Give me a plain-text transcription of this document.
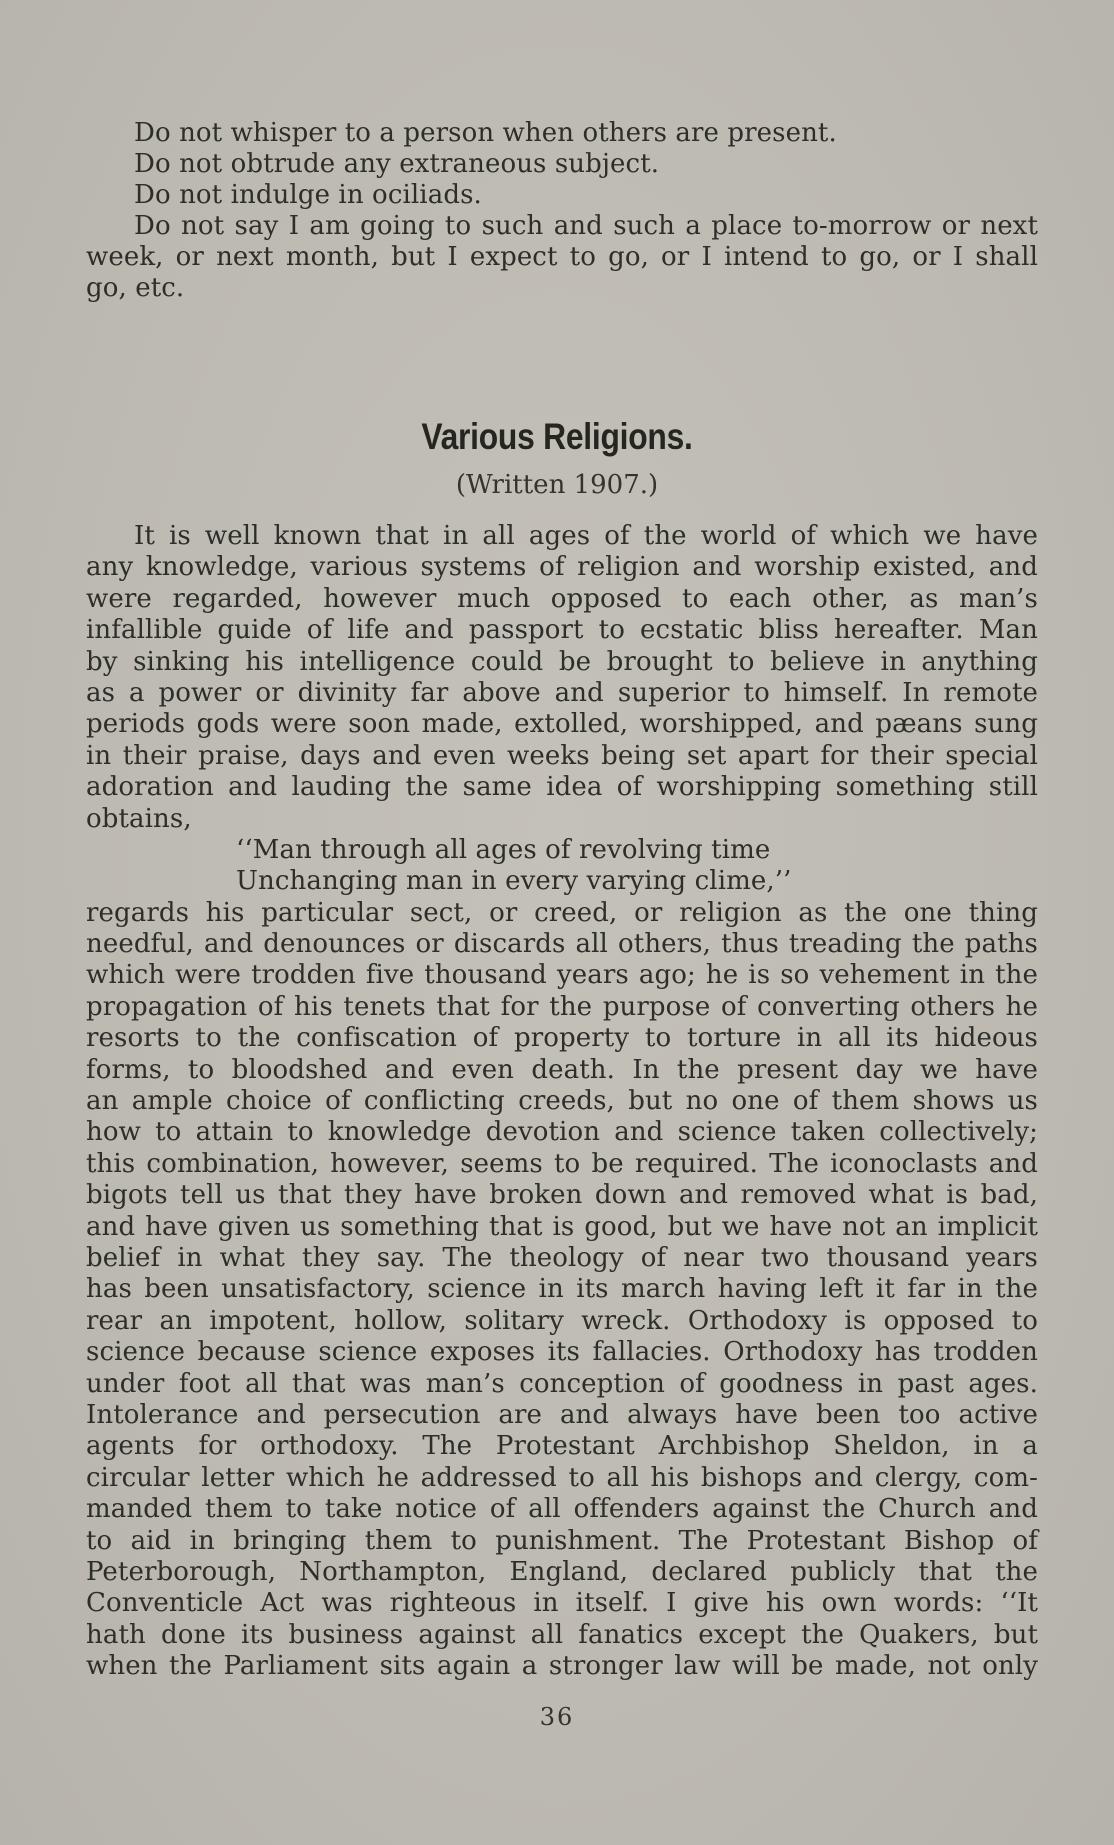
Do not whisper to a person when others are present.
Do not obtrude any extraneous subject.
Do not indulge in ociliads.
Do not say I am going to such and such a place to-morrow or next
week, or next month, but I expect to go, or I intend to go, or I shall
go, etc.
Various Religions.
(Written 1907.)
It is well known that in all ages of the world of which we have
any knowledge, various systems of religion and worship existed, and
were regarded, however much opposed to each other, as man’s
infallible guide of life and passport to ecstatic bliss hereafter. Man
by sinking his intelligence could be brought to believe in anything
as a power or divinity far above and superior to himself. In remote
periods gods were soon made, extolled, worshipped, and pæans sung
in their praise, days and even weeks being set apart for their special
adoration and lauding the same idea of worshipping something still
obtains,
‘‘Man through all ages of revolving time
Unchanging man in every varying clime,’’
regards his particular sect, or creed, or religion as the one thing
needful, and denounces or discards all others, thus treading the paths
which were trodden five thousand years ago; he is so vehement in the
propagation of his tenets that for the purpose of converting others he
resorts to the confiscation of property to torture in all its hideous
forms, to bloodshed and even death. In the present day we have
an ample choice of conflicting creeds, but no one of them shows us
how to attain to knowledge devotion and science taken collectively;
this combination, however, seems to be required. The iconoclasts and
bigots tell us that they have broken down and removed what is bad,
and have given us something that is good, but we have not an implicit
belief in what they say. The theology of near two thousand years
has been unsatisfactory, science in its march having left it far in the
rear an impotent, hollow, solitary wreck. Orthodoxy is opposed to
science because science exposes its fallacies. Orthodoxy has trodden
under foot all that was man’s conception of goodness in past ages.
Intolerance and persecution are and always have been too active
agents for orthodoxy. The Protestant Archbishop Sheldon, in a
circular letter which he addressed to all his bishops and clergy, com-
manded them to take notice of all offenders against the Church and
to aid in bringing them to punishment. The Protestant Bishop of
Peterborough, Northampton, England, declared publicly that the
Conventicle Act was righteous in itself. I give his own words: ‘‘It
hath done its business against all fanatics except the Quakers, but
when the Parliament sits again a stronger law will be made, not only
36
